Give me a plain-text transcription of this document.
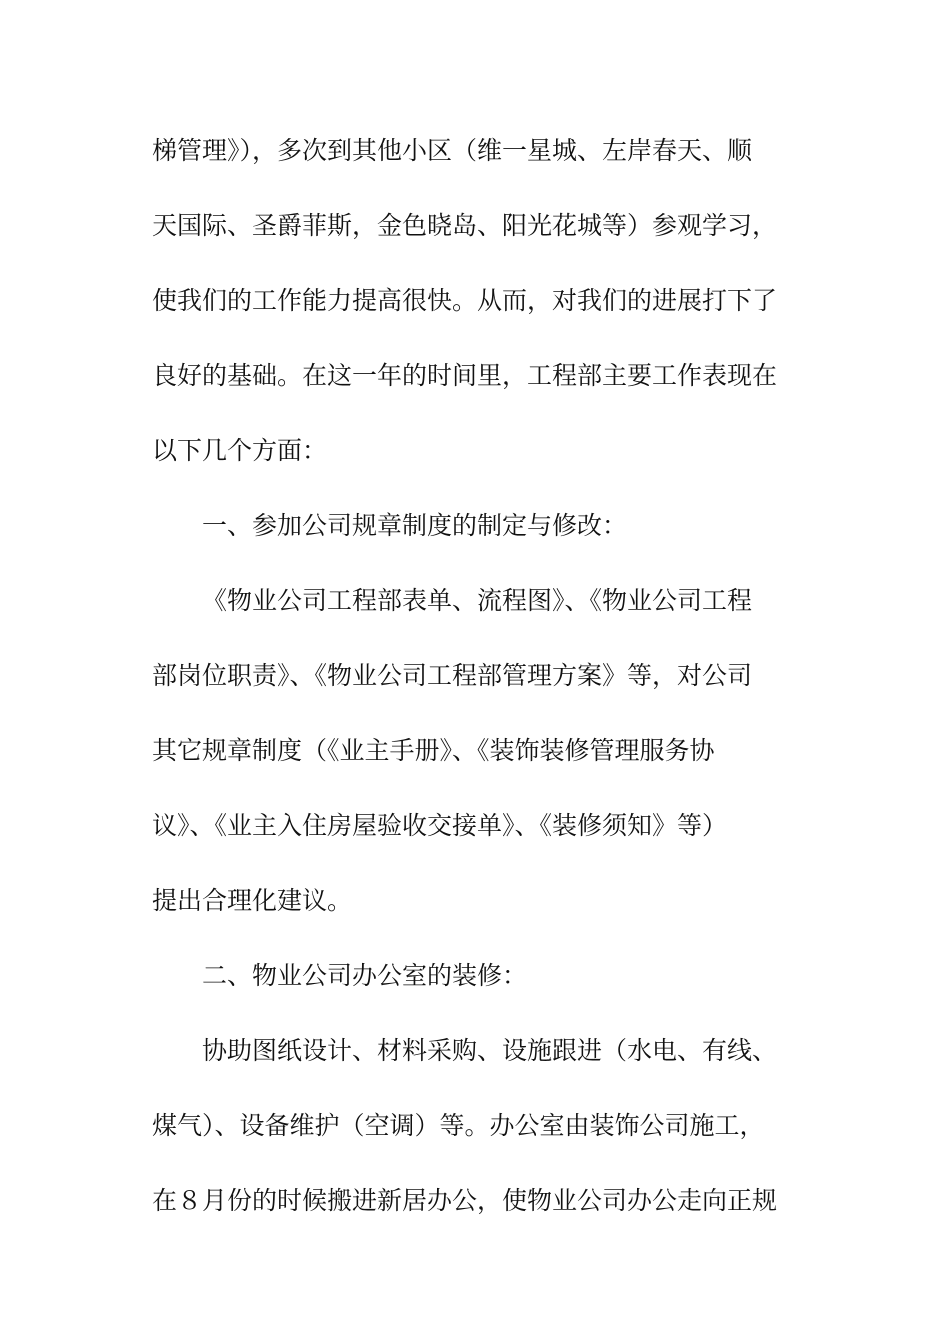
梯管理》），多次到其他小区（维一星城、左岸春天、顺
天国际、圣爵菲斯，金色晓岛、阳光花城等）参观学习，
使我们的工作能力提高很快。从而，对我们的进展打下了
良好的基础。在这一年的时间里，工程部主要工作表现在
以下几个方面：
一、参加公司规章制度的制定与修改：
《物业公司工程部表单、流程图》、《物业公司工程
部岗位职责》、《物业公司工程部管理方案》等，对公司
其它规章制度（《业主手册》、《装饰装修管理服务协
议》、《业主入住房屋验收交接单》、《装修须知》等）
提出合理化建议。
二、物业公司办公室的装修：
协助图纸设计、材料采购、设施跟进（水电、有线、
煤气）、设备维护（空调）等。办公室由装饰公司施工，
在８月份的时候搬进新居办公，使物业公司办公走向正规
